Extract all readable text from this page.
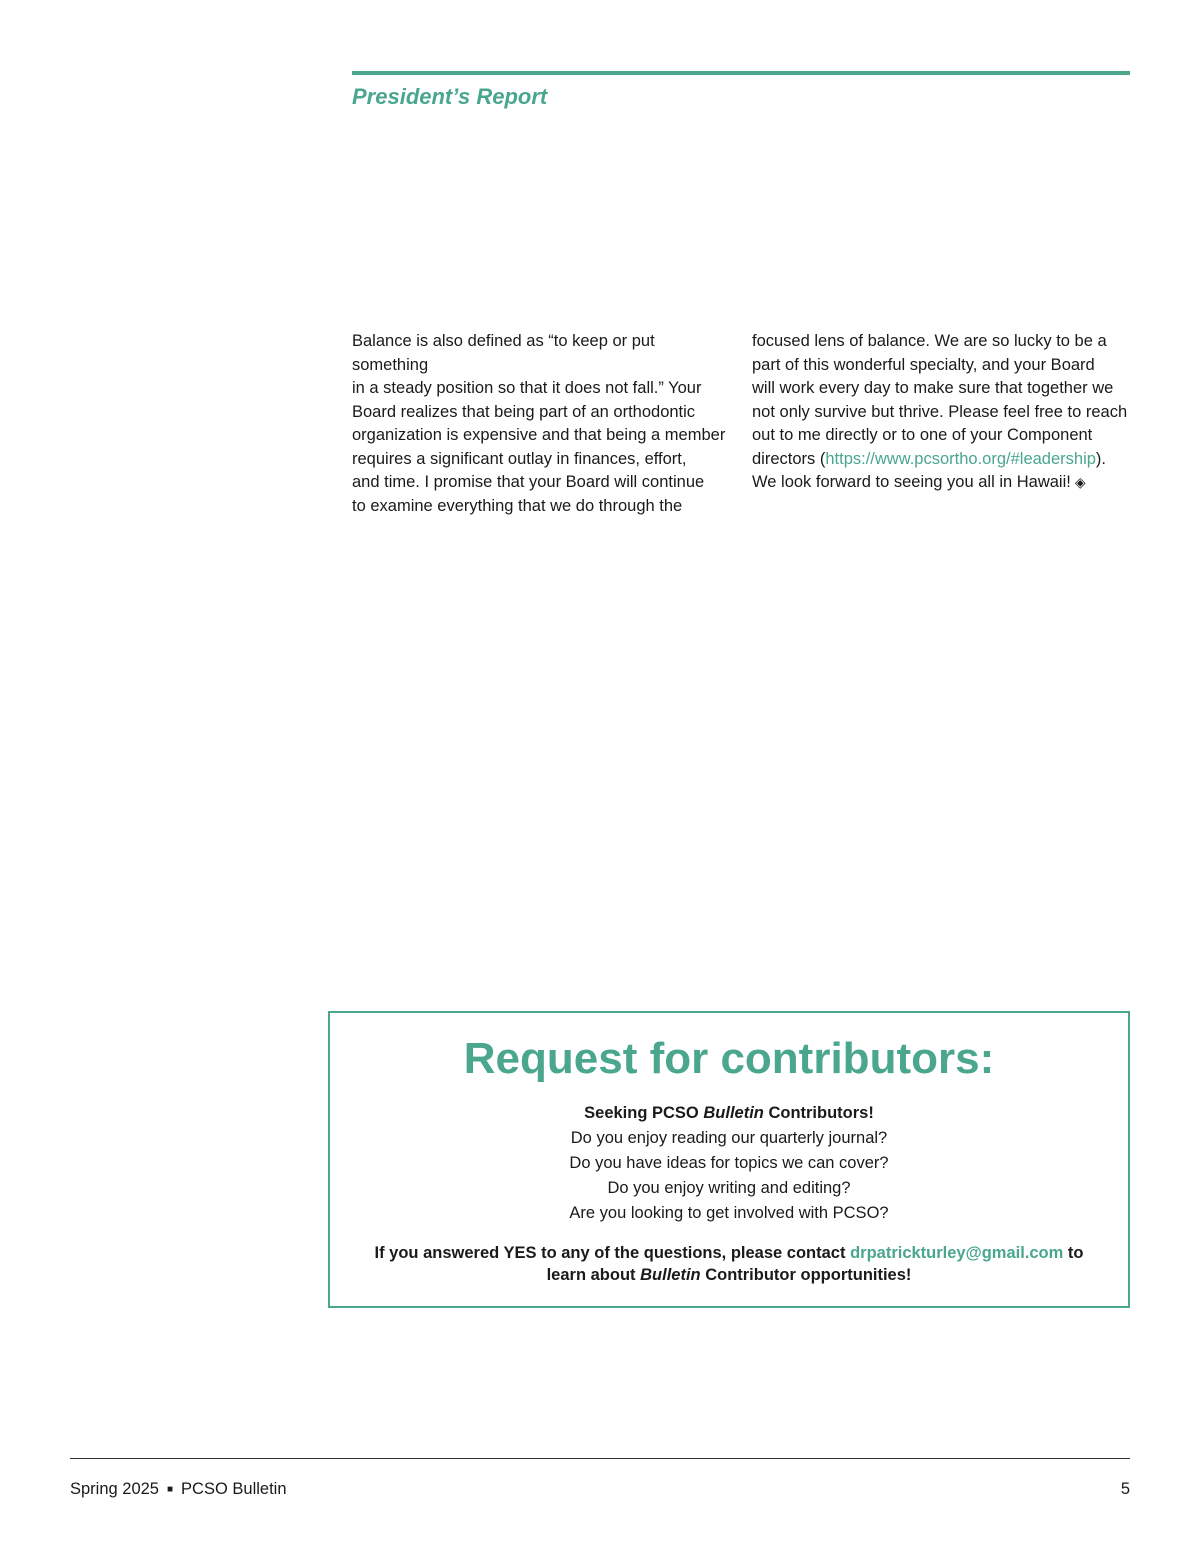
President’s Report

Balance is also defined as “to keep or put something

in a steady position so that it does not fall.” Your

Board realizes that being part of an orthodontic

organization is expensive and that being a member

requires a significant outlay in finances, effort,

and time. I promise that your Board will continue

to examine everything that we do through the

focused lens of balance. We are so lucky to be a

part of this wonderful specialty, and your Board

will work every day to make sure that together we

not only survive but thrive. Please feel free to reach

out to me directly or to one of your Component

directors (https://www.pcsortho.org/#leadership).

We look forward to seeing you all in Hawaii! ◈

Request for contributors:
Seeking PCSO Bulletin Contributors!
Do you enjoy reading our quarterly journal?
Do you have ideas for topics we can cover?
Do you enjoy writing and editing?
Are you looking to get involved with PCSO?

If you answered YES to any of the questions, please contact drpatrickturley@gmail.com to learn about Bulletin Contributor opportunities!

Spring 2025 ■ PCSO Bulletin	5
